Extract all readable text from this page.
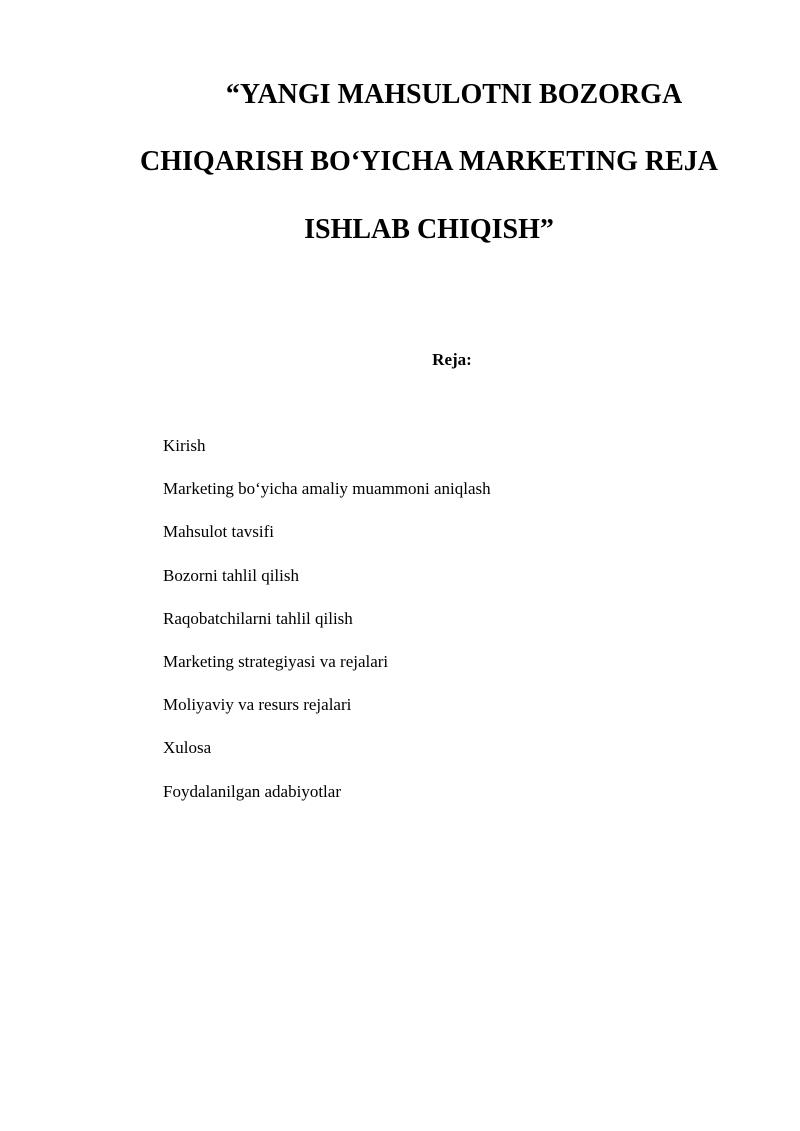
“YANGI MAHSULOTNI BOZORGA
CHIQARISH BO‘YICHA MARKETING REJA
ISHLAB CHIQISH”
Reja:
Kirish
Marketing bo‘yicha amaliy muammoni aniqlash
Mahsulot tavsifi
Bozorni tahlil qilish
Raqobatchilarni tahlil qilish
Marketing strategiyasi va rejalari
Moliyaviy va resurs rejalari
Xulosa
Foydalanilgan adabiyotlar
